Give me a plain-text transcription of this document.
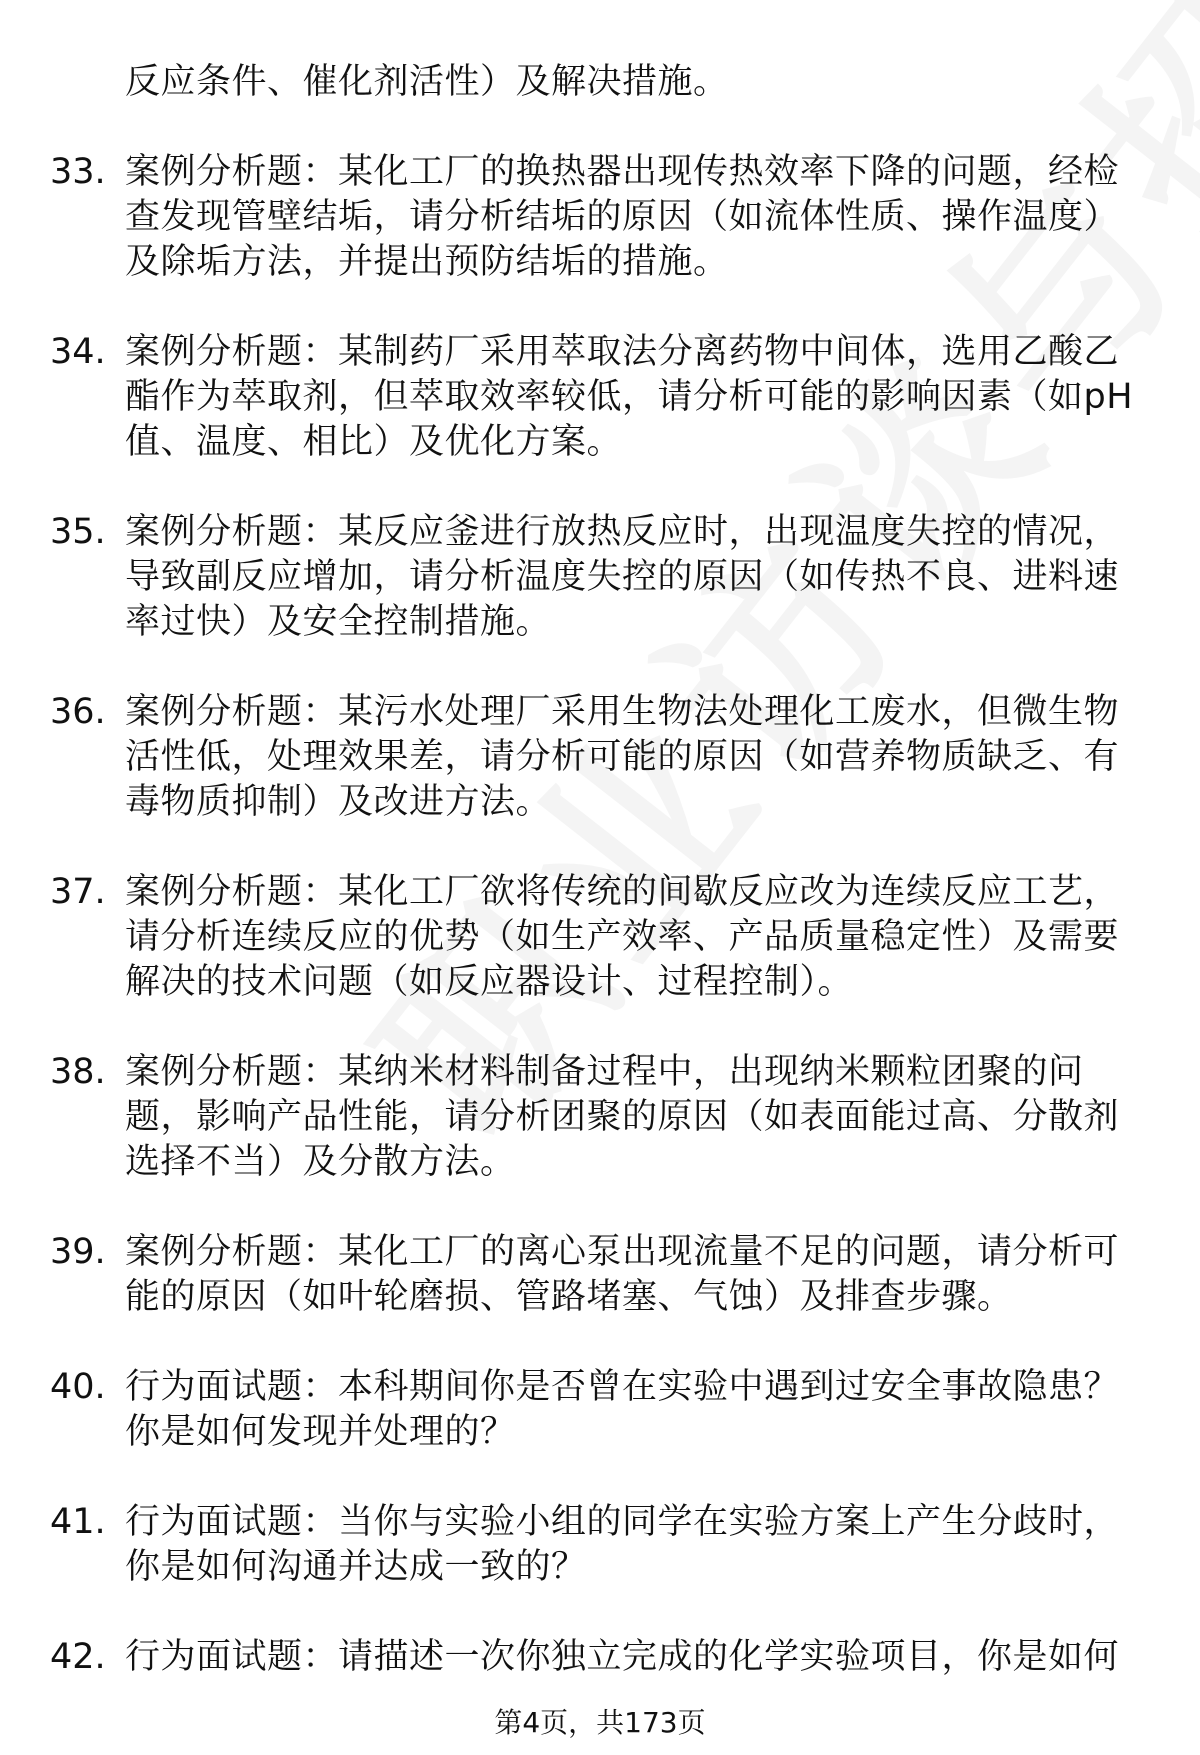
反应条件、催化剂活性）及解决措施。
33. 案例分析题：某化工厂的换热器出现传热效率下降的问题，经检
查发现管壁结垢，请分析结垢的原因（如流体性质、操作温度）
及除垢方法，并提出预防结垢的措施。
34. 案例分析题：某制药厂采用萃取法分离药物中间体，选用乙酸乙
酯作为萃取剂，但萃取效率较低，请分析可能的影响因素（如pH
值、温度、相比）及优化方案。
35. 案例分析题：某反应釜进行放热反应时，出现温度失控的情况，
导致副反应增加，请分析温度失控的原因（如传热不良、进料速
率过快）及安全控制措施。
36. 案例分析题：某污水处理厂采用生物法处理化工废水，但微生物
活性低，处理效果差，请分析可能的原因（如营养物质缺乏、有
毒物质抑制）及改进方法。
37. 案例分析题：某化工厂欲将传统的间歇反应改为连续反应工艺，
请分析连续反应的优势（如生产效率、产品质量稳定性）及需要
解决的技术问题（如反应器设计、过程控制）。
38. 案例分析题：某纳米材料制备过程中，出现纳米颗粒团聚的问
题，影响产品性能，请分析团聚的原因（如表面能过高、分散剂
选择不当）及分散方法。
39. 案例分析题：某化工厂的离心泵出现流量不足的问题，请分析可
能的原因（如叶轮磨损、管路堵塞、气蚀）及排查步骤。
40. 行为面试题：本科期间你是否曾在实验中遇到过安全事故隐患？
你是如何发现并处理的？
41. 行为面试题：当你与实验小组的同学在实验方案上产生分歧时，
你是如何沟通并达成一致的？
42. 行为面试题：请描述一次你独立完成的化学实验项目，你是如何
第4页，共173页
